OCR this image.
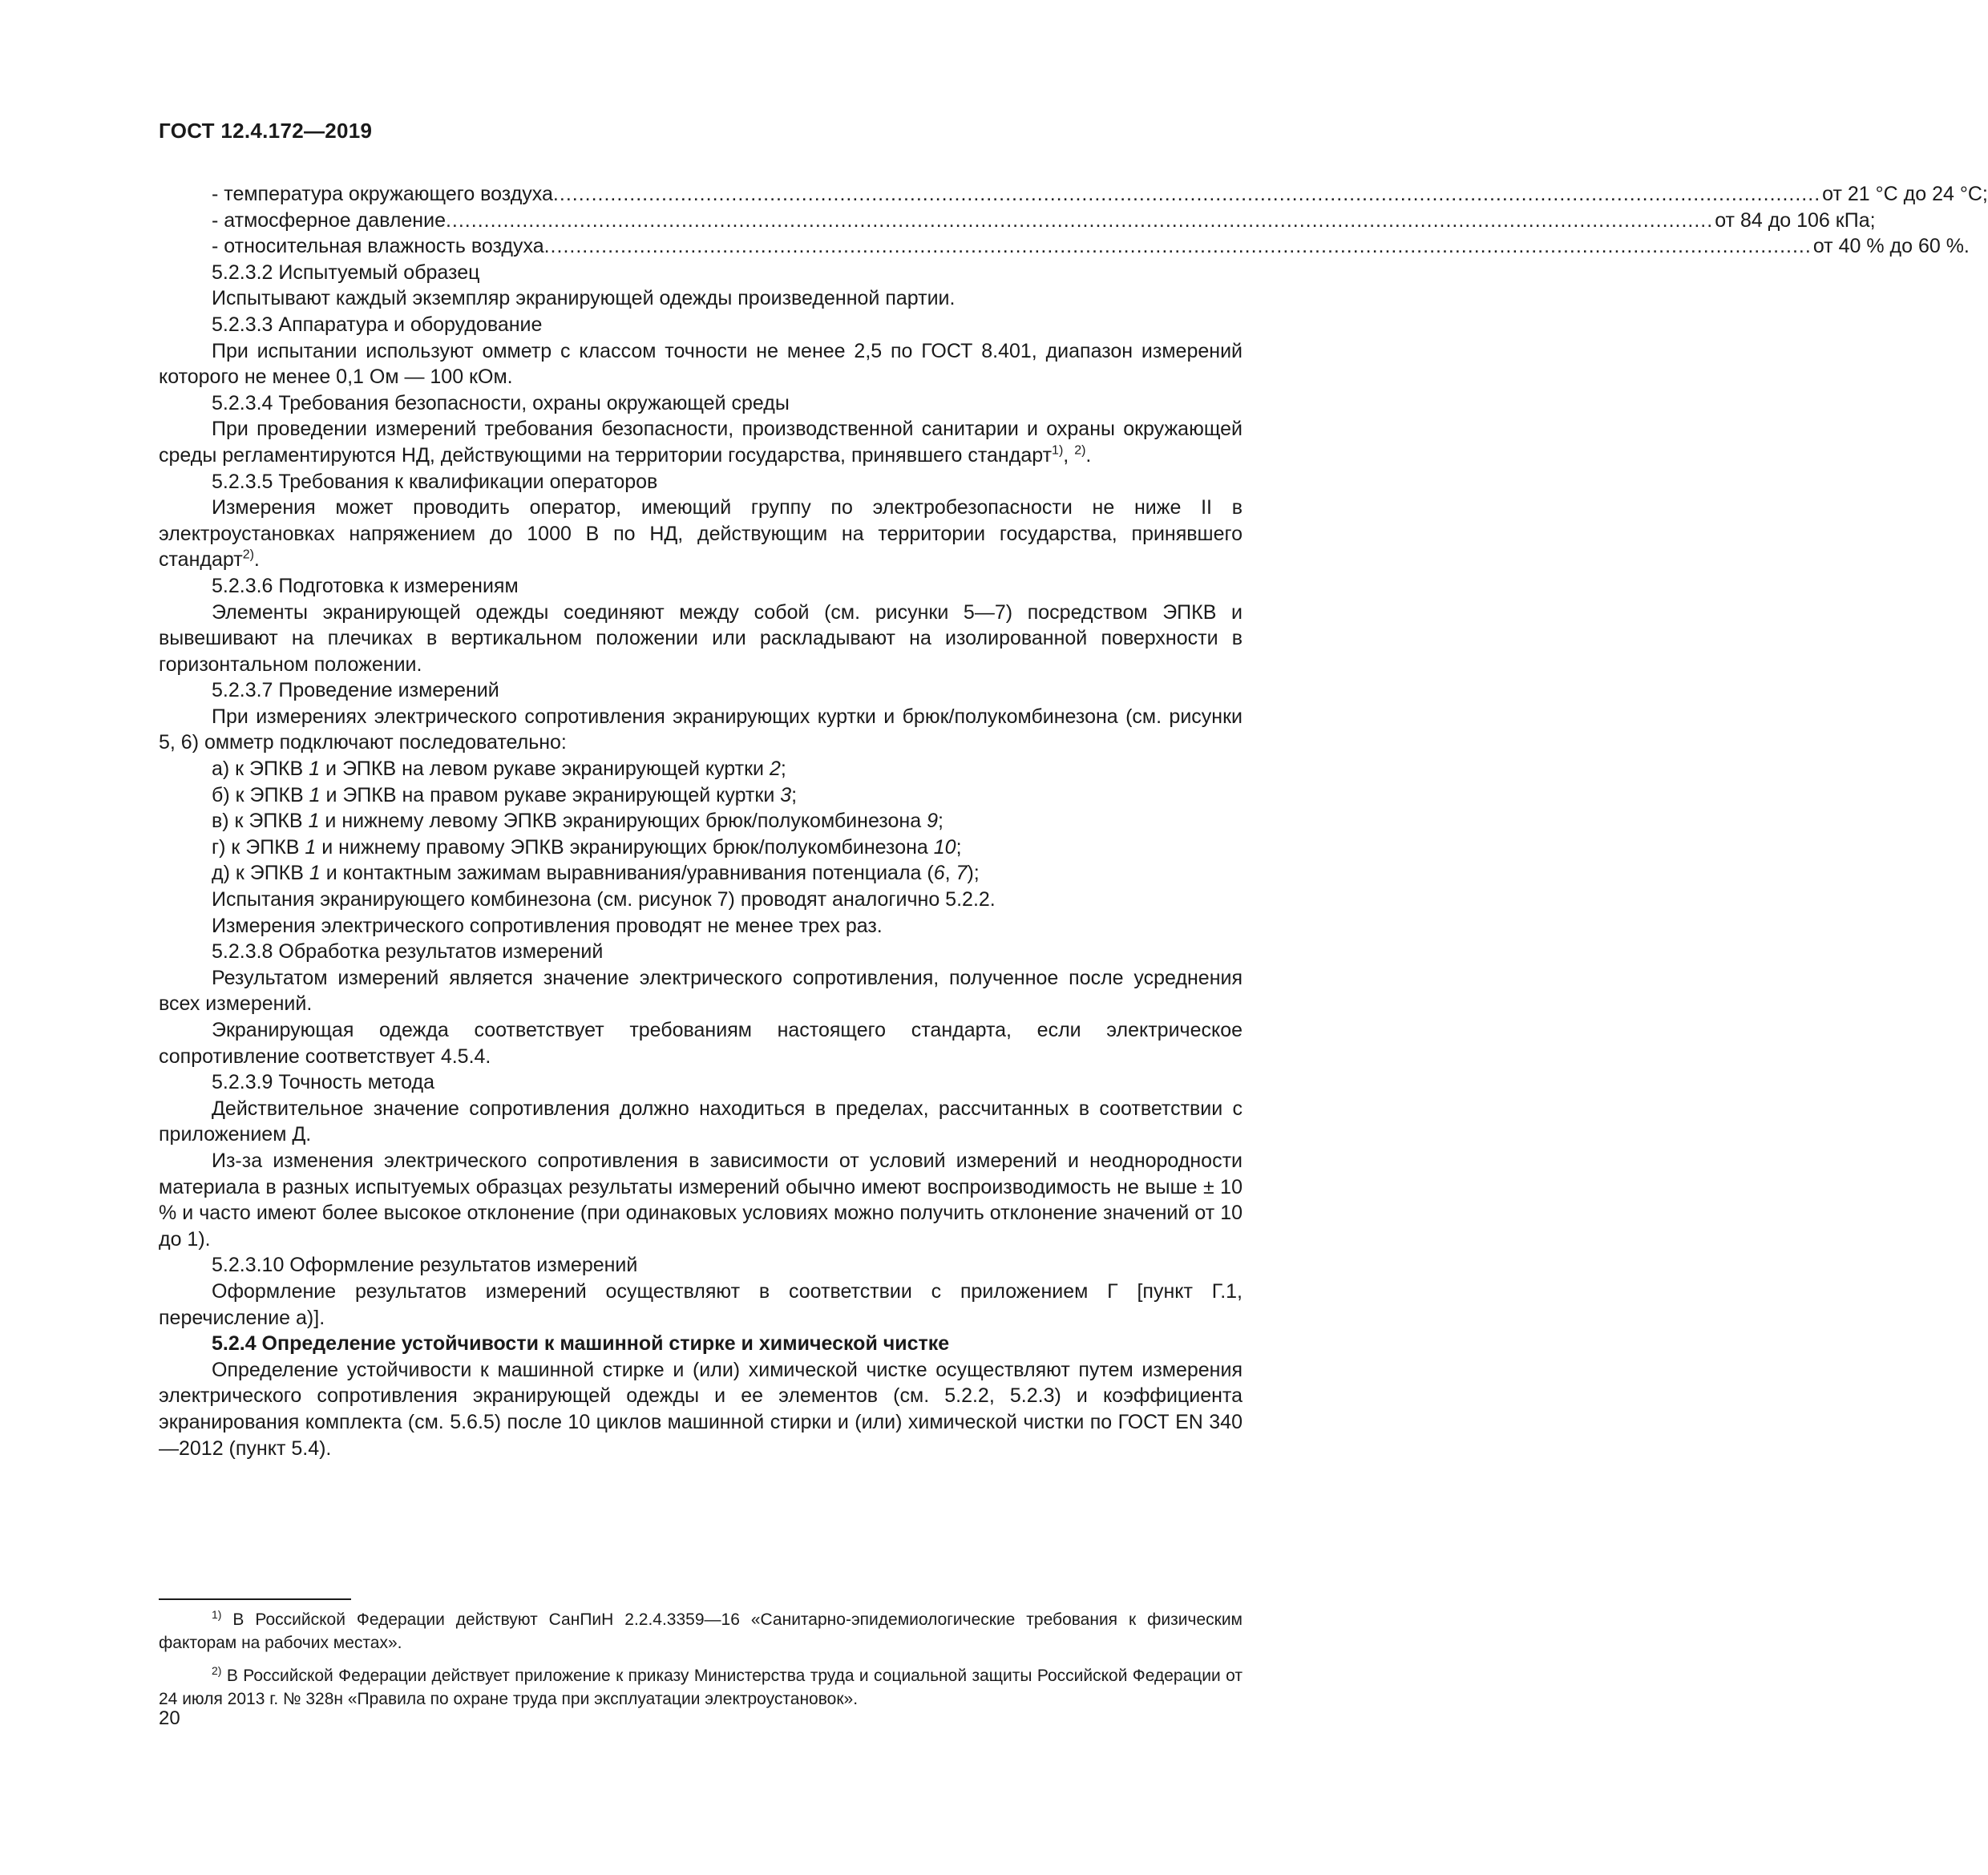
ГОСТ 12.4.172—2019
- температура окружающего воздуха ....................................................................................................................................................................................................... от 21 °С до 24 °С;
- атмосферное давление ....................................................................................................................................................................................................... от 84 до 106 кПа;
- относительная влажность воздуха ....................................................................................................................................................................................................... от 40 % до 60 %.

5.2.3.2 Испытуемый образец

Испытывают каждый экземпляр экранирующей одежды произведенной партии.

5.2.3.3 Аппаратура и оборудование

При испытании используют омметр с классом точности не менее 2,5 по ГОСТ 8.401, диапазон измерений которого не менее 0,1 Ом — 100 кОм.

5.2.3.4 Требования безопасности, охраны окружающей среды

При проведении измерений требования безопасности, производственной санитарии и охраны окружающей среды регламентируются НД, действующими на территории государства, принявшего стандарт$^{1)}$, $^{2)}$.

5.2.3.5 Требования к квалификации операторов

Измерения может проводить оператор, имеющий группу по электробезопасности не ниже II в электроустановках напряжением до 1000 В по НД, действующим на территории государства, принявшего стандарт$^{2)}$.

5.2.3.6 Подготовка к измерениям

Элементы экранирующей одежды соединяют между собой (см. рисунки 5—7) посредством ЭПКВ и вывешивают на плечиках в вертикальном положении или раскладывают на изолированной поверхности в горизонтальном положении.

5.2.3.7 Проведение измерений

При измерениях электрического сопротивления экранирующих куртки и брюк/полукомбинезона (см. рисунки 5, 6) омметр подключают последовательно:

а) к ЭПКВ 1 и ЭПКВ на левом рукаве экранирующей куртки 2;

б) к ЭПКВ 1 и ЭПКВ на правом рукаве экранирующей куртки 3;

в) к ЭПКВ 1 и нижнему левому ЭПКВ экранирующих брюк/полукомбинезона 9;

г) к ЭПКВ 1 и нижнему правому ЭПКВ экранирующих брюк/полукомбинезона 10;

д) к ЭПКВ 1 и контактным зажимам выравнивания/уравнивания потенциала (6, 7);

Испытания экранирующего комбинезона (см. рисунок 7) проводят аналогично 5.2.2.

Измерения электрического сопротивления проводят не менее трех раз.

5.2.3.8 Обработка результатов измерений

Результатом измерений является значение электрического сопротивления, полученное после усреднения всех измерений.

Экранирующая одежда соответствует требованиям настоящего стандарта, если электрическое сопротивление соответствует 4.5.4.

5.2.3.9 Точность метода

Действительное значение сопротивления должно находиться в пределах, рассчитанных в соответствии с приложением Д.

Из-за изменения электрического сопротивления в зависимости от условий измерений и неоднородности материала в разных испытуемых образцах результаты измерений обычно имеют воспроизводимость не выше ± 10 % и часто имеют более высокое отклонение (при одинаковых условиях можно получить отклонение значений от 10 до 1).

5.2.3.10 Оформление результатов измерений

Оформление результатов измерений осуществляют в соответствии с приложением Г [пункт Г.1, перечисление а)].

5.2.4 Определение устойчивости к машинной стирке и химической чистке

Определение устойчивости к машинной стирке и (или) химической чистке осуществляют путем измерения электрического сопротивления экранирующей одежды и ее элементов (см. 5.2.2, 5.2.3) и коэффициента экранирования комплекта (см. 5.6.5) после 10 циклов машинной стирки и (или) химической чистки по ГОСТ EN 340—2012 (пункт 5.4).

$^{1)}$ В Российской Федерации действуют СанПиН 2.2.4.3359—16 «Санитарно-эпидемиологические требования к физическим факторам на рабочих местах».

$^{2)}$ В Российской Федерации действует приложение к приказу Министерства труда и социальной защиты Российской Федерации от 24 июля 2013 г. № 328н «Правила по охране труда при эксплуатации электроустановок».

20
